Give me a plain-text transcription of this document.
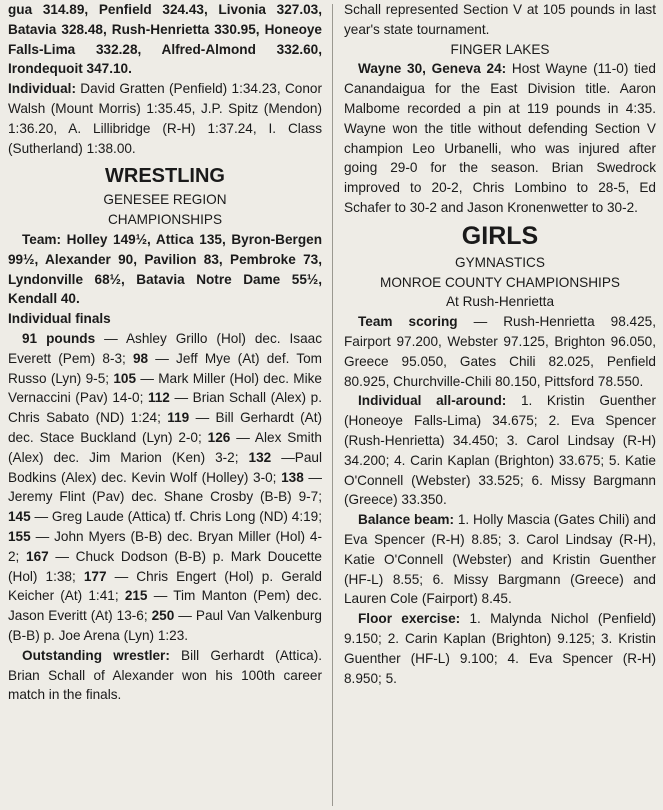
gua 314.89, Penfield 324.43, Livonia 327.03, Batavia 328.48, Rush-Henrietta 330.95, Honeoye Falls-Lima 332.28, Alfred-Almond 332.60, Irondequoit 347.10.

Individual: David Gratten (Penfield) 1:34.23, Conor Walsh (Mount Morris) 1:35.45, J.P. Spitz (Mendon) 1:36.20, A. Lillibridge (R-H) 1:37.24, I. Class (Sutherland) 1:38.00.

WRESTLING
GENESEE REGION
CHAMPIONSHIPS

Team: Holley 149½, Attica 135, Byron-Bergen 99½, Alexander 90, Pavilion 83, Pembroke 73, Lyndonville 68½, Batavia Notre Dame 55½, Kendall 40.

Individual finals

91 pounds — Ashley Grillo (Hol) dec. Isaac Everett (Pem) 8-3; 98 — Jeff Mye (At) def. Tom Russo (Lyn) 9-5; 105 — Mark Miller (Hol) dec. Mike Vernaccini (Pav) 14-0; 112 — Brian Schall (Alex) p. Chris Sabato (ND) 1:24; 119 — Bill Gerhardt (At) dec. Stace Buckland (Lyn) 2-0; 126 — Alex Smith (Alex) dec. Jim Marion (Ken) 3-2; 132 —Paul Bodkins (Alex) dec. Kevin Wolf (Holley) 3-0; 138 — Jeremy Flint (Pav) dec. Shane Crosby (B-B) 9-7; 145 — Greg Laude (Attica) tf. Chris Long (ND) 4:19; 155 — John Myers (B-B) dec. Bryan Miller (Hol) 4-2; 167 — Chuck Dodson (B-B) p. Mark Doucette (Hol) 1:38; 177 — Chris Engert (Hol) p. Gerald Keicher (At) 1:41; 215 — Tim Manton (Pem) dec. Jason Everitt (At) 13-6; 250 — Paul Van Valkenburg (B-B) p. Joe Arena (Lyn) 1:23.

Outstanding wrestler: Bill Gerhardt (Attica). Brian Schall of Alexander won his 100th career match in the finals.

Schall represented Section V at 105 pounds in last year's state tournament.

FINGER LAKES

Wayne 30, Geneva 24: Host Wayne (11-0) tied Canandaigua for the East Division title. Aaron Malbome recorded a pin at 119 pounds in 4:35. Wayne won the title without defending Section V champion Leo Urbanelli, who was injured after going 29-0 for the season. Brian Swedrock improved to 20-2, Chris Lombino to 28-5, Ed Schafer to 30-2 and Jason Kronenwetter to 30-2.

GIRLS
GYMNASTICS
MONROE COUNTY CHAMPIONSHIPS
At Rush-Henrietta

Team scoring — Rush-Henrietta 98.425, Fairport 97.200, Webster 97.125, Brighton 96.050, Greece 95.050, Gates Chili 82.025, Penfield 80.925, Churchville-Chili 80.150, Pittsford 78.550.

Individual all-around: 1. Kristin Guenther (Honeoye Falls-Lima) 34.675; 2. Eva Spencer (Rush-Henrietta) 34.450; 3. Carol Lindsay (R-H) 34.200; 4. Carin Kaplan (Brighton) 33.675; 5. Katie O'Connell (Webster) 33.525; 6. Missy Bargmann (Greece) 33.350.

Balance beam: 1. Holly Mascia (Gates Chili) and Eva Spencer (R-H) 8.85; 3. Carol Lindsay (R-H), Katie O'Connell (Webster) and Kristin Guenther (HF-L) 8.55; 6. Missy Bargmann (Greece) and Lauren Cole (Fairport) 8.45.

Floor exercise: 1. Malynda Nichol (Penfield) 9.150; 2. Carin Kaplan (Brighton) 9.125; 3. Kristin Guenther (HF-L) 9.100; 4. Eva Spencer (R-H) 8.950; 5.
